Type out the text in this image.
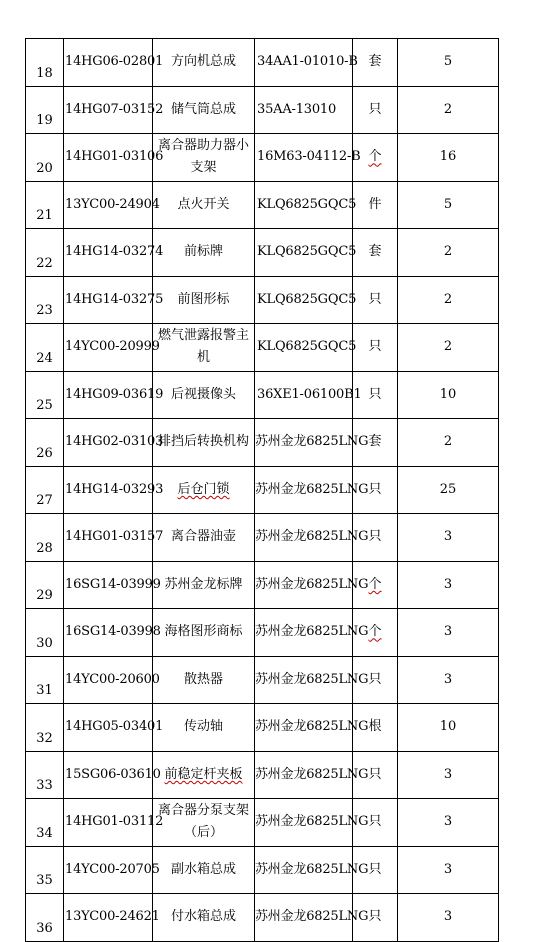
18	14HG06-02801	方向机总成	34AA1-01010-B	套	5
19	14HG07-03152	储气筒总成	35AA-13010	只	2
20	14HG01-03106	离合器助力器小支架	16M63-04112-B	个	16
21	13YC00-24904	点火开关	KLQ6825GQC5	件	5
22	14HG14-03274	前标牌	KLQ6825GQC5	套	2
23	14HG14-03275	前图形标	KLQ6825GQC5	只	2
24	14YC00-20999	燃气泄露报警主机	KLQ6825GQC5	只	2
25	14HG09-03619	后视摄像头	36XE1-06100B1	只	10
26	14HG02-03103	排挡后转换机构	苏州金龙6825LNG	套	2
27	14HG14-03293	后仓门锁	苏州金龙6825LNG	只	25
28	14HG01-03157	离合器油壶	苏州金龙6825LNG	只	3
29	16SG14-03999	苏州金龙标牌	苏州金龙6825LNG	个	3
30	16SG14-03998	海格图形商标	苏州金龙6825LNG	个	3
31	14YC00-20600	散热器	苏州金龙6825LNG	只	3
32	14HG05-03401	传动轴	苏州金龙6825LNG	根	10
33	15SG06-03610	前稳定杆夹板	苏州金龙6825LNG	只	3
34	14HG01-03112	离合器分泵支架（后）	苏州金龙6825LNG	只	3
35	14YC00-20705	副水箱总成	苏州金龙6825LNG	只	3
36	13YC00-24621	付水箱总成	苏州金龙6825LNG	只	3
